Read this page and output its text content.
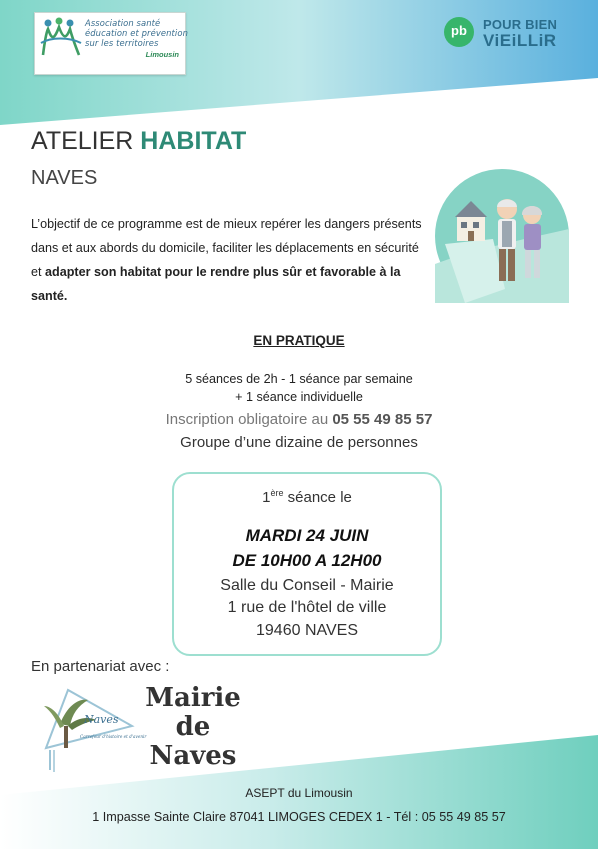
Association santé
éducation et prévention
sur les territoires
Limousin
pb	POUR BIEN
ViEiLLiR
ATELIER HABITAT
NAVES
L’objectif de ce programme est de mieux repérer les dangers présents dans et aux abords du domicile, faciliter les déplacements en sécurité et adapter son habitat pour le rendre plus sûr et favorable à la santé.
EN PRATIQUE
5 séances de 2h - 1 séance par semaine
+ 1 séance individuelle
Inscription obligatoire au 05 55 49 85 57
Groupe d’une dizaine de personnes
1ère séance le
MARDI 24 JUIN
DE 10H00 A 12H00
Salle du Conseil - Mairie
1 rue de l'hôtel de ville
19460 NAVES
En partenariat avec :
Naves
Carrefour d'histoire et d'avenir
Mairie
de
Naves
ASEPT du Limousin
1 Impasse Sainte Claire 87041 LIMOGES CEDEX 1 - Tél : 05 55 49 85 57
